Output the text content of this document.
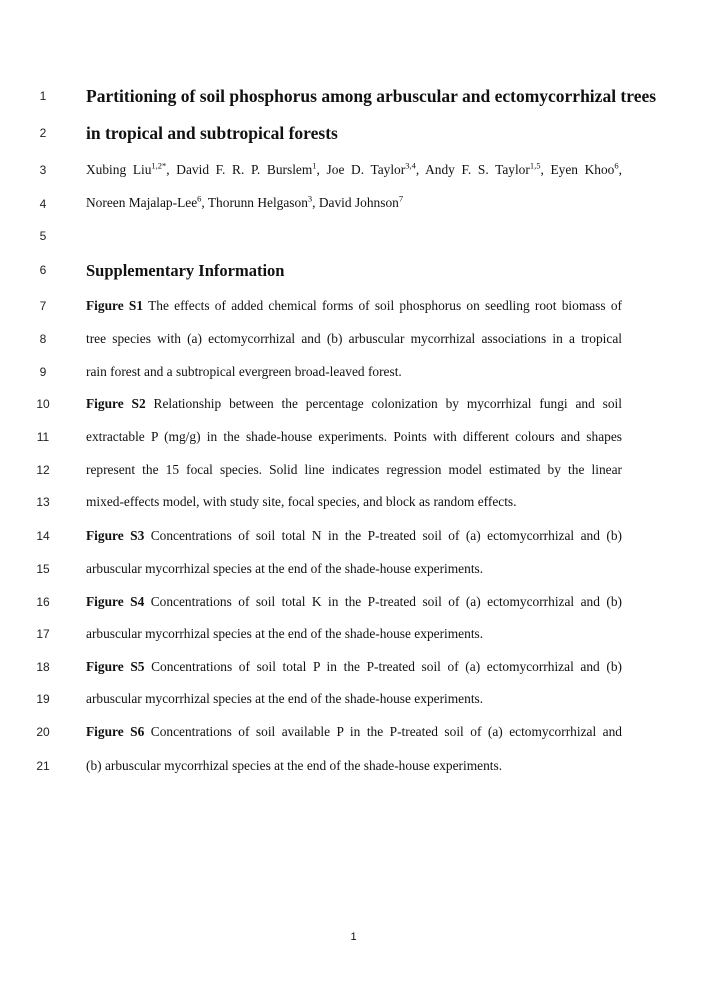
1
2
3
4
5
6
7
8
9
10
11
12
13
14
15
16
17
18
19
20
21
Partitioning of soil phosphorus among arbuscular and ectomycorrhizal trees
in tropical and subtropical forests
Xubing Liu$^{1,2*}$, David F. R. P. Burslem$^1$, Joe D. Taylor$^{3,4}$, Andy F. S. Taylor$^{1,5}$, Eyen Khoo$^6$,
Noreen Majalap-Lee$^6$, Thorunn Helgason$^3$, David Johnson$^7$
Supplementary Information
Figure S1 The effects of added chemical forms of soil phosphorus on seedling root biomass of
tree species with (a) ectomycorrhizal and (b) arbuscular mycorrhizal associations in a tropical
rain forest and a subtropical evergreen broad-leaved forest.
Figure S2 Relationship between the percentage colonization by mycorrhizal fungi and soil
extractable P (mg/g) in the shade-house experiments. Points with different colours and shapes
represent the 15 focal species. Solid line indicates regression model estimated by the linear
mixed-effects model, with study site, focal species, and block as random effects.
Figure S3 Concentrations of soil total N in the P-treated soil of (a) ectomycorrhizal and (b)
arbuscular mycorrhizal species at the end of the shade-house experiments.
Figure S4 Concentrations of soil total K in the P-treated soil of (a) ectomycorrhizal and (b)
arbuscular mycorrhizal species at the end of the shade-house experiments.
Figure S5 Concentrations of soil total P in the P-treated soil of (a) ectomycorrhizal and (b)
arbuscular mycorrhizal species at the end of the shade-house experiments.
Figure S6 Concentrations of soil available P in the P-treated soil of (a) ectomycorrhizal and
(b) arbuscular mycorrhizal species at the end of the shade-house experiments.
1
